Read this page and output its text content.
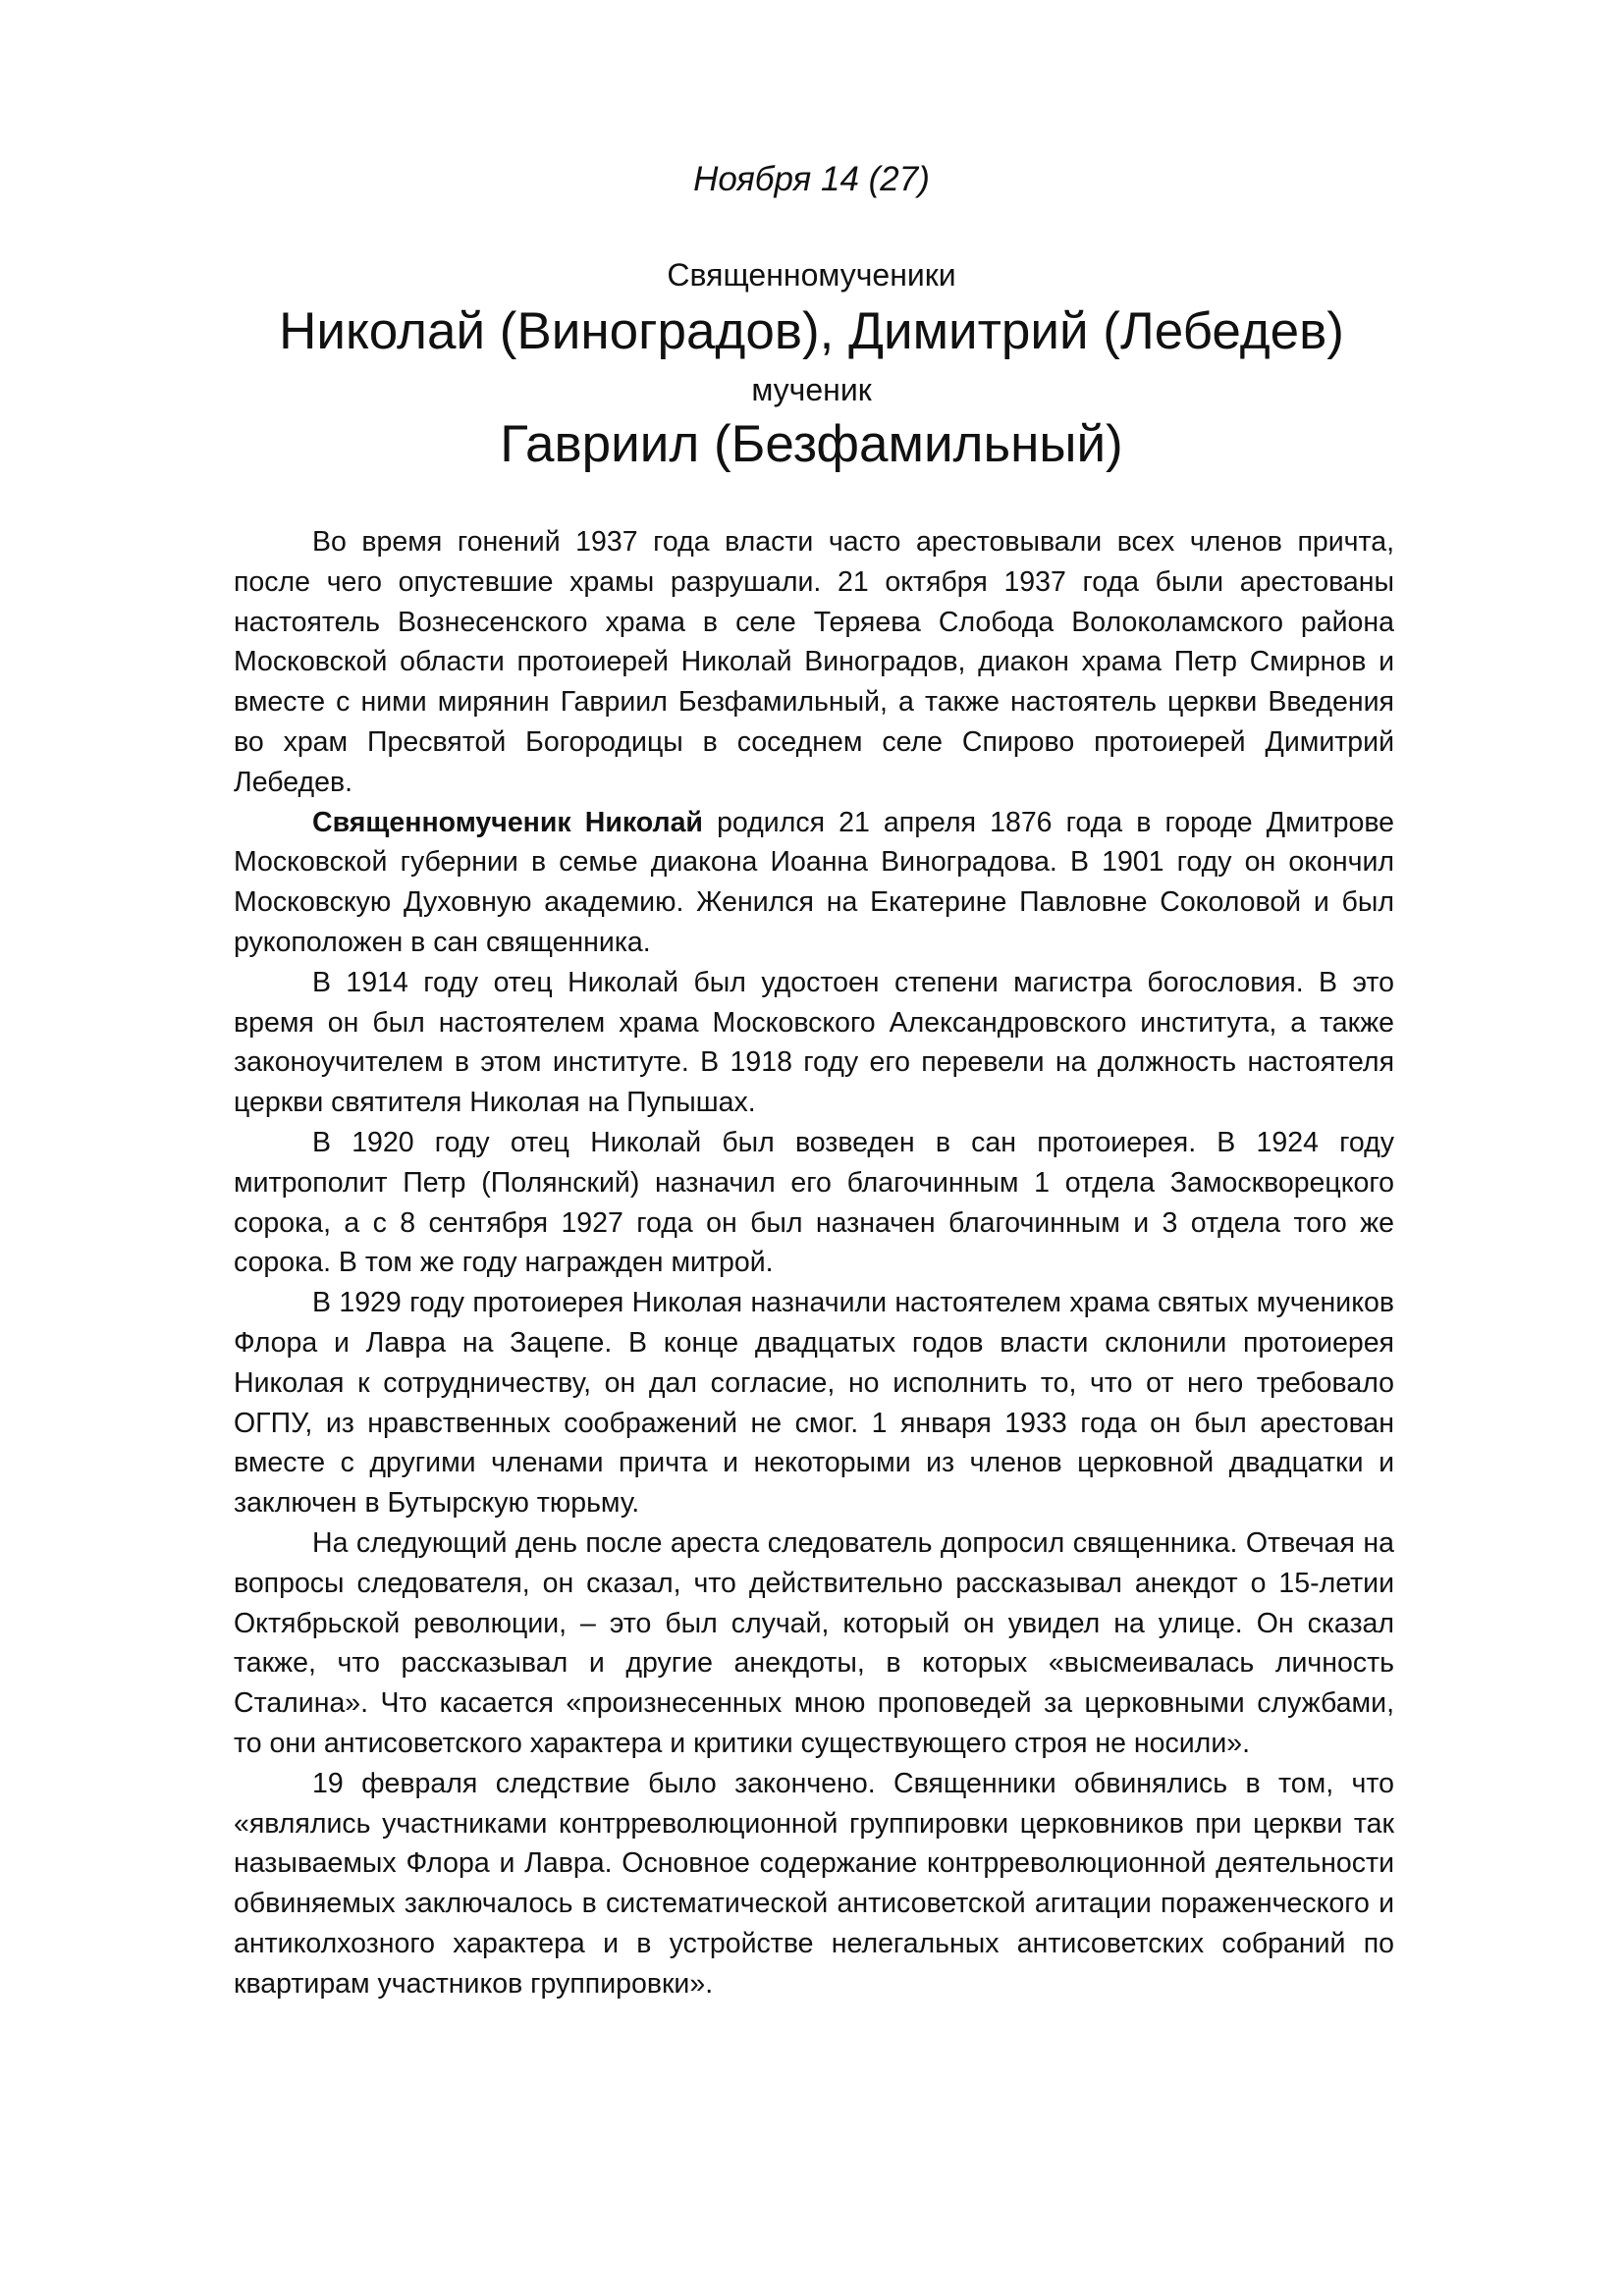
Ноября 14 (27)
Священномученики
Николай (Виноградов), Димитрий (Лебедев)
мученик
Гавриил (Безфамильный)

Во время гонений 1937 года власти часто арестовывали всех членов причта, после чего опустевшие храмы разрушали. 21 октября 1937 года были арестованы настоятель Вознесенского храма в селе Теряева Слобода Волоколамского района Московской области протоиерей Николай Виноградов, диакон храма Петр Смирнов и вместе с ними мирянин Гавриил Безфамильный, а также настоятель церкви Введения во храм Пресвятой Богородицы в соседнем селе Спирово протоиерей Димитрий Лебедев.

Священномученик Николай родился 21 апреля 1876 года в городе Дмитрове Московской губернии в семье диакона Иоанна Виноградова. В 1901 году он окончил Московскую Духовную академию. Женился на Екатерине Павловне Соколовой и был рукоположен в сан священника.

В 1914 году отец Николай был удостоен степени магистра богословия. В это время он был настоятелем храма Московского Александровского института, а также законоучителем в этом институте. В 1918 году его перевели на должность настоятеля церкви святителя Николая на Пупышах.

В 1920 году отец Николай был возведен в сан протоиерея. В 1924 году митрополит Петр (Полянский) назначил его благочинным 1 отдела Замоскворецкого сорока, а с 8 сентября 1927 года он был назначен благочинным и 3 отдела того же сорока. В том же году награжден митрой.

В 1929 году протоиерея Николая назначили настоятелем храма святых мучеников Флора и Лавра на Зацепе. В конце двадцатых годов власти склонили протоиерея Николая к сотрудничеству, он дал согласие, но исполнить то, что от него требовало ОГПУ, из нравственных соображений не смог. 1 января 1933 года он был арестован вместе с другими членами причта и некоторыми из членов церковной двадцатки и заключен в Бутырскую тюрьму.

На следующий день после ареста следователь допросил священника. Отвечая на вопросы следователя, он сказал, что действительно рассказывал анекдот о 15-летии Октябрьской революции, – это был случай, который он увидел на улице. Он сказал также, что рассказывал и другие анекдоты, в которых «высмеивалась личность Сталина». Что касается «произнесенных мною проповедей за церковными службами, то они антисоветского характера и критики существующего строя не носили».

19 февраля следствие было закончено. Священники обвинялись в том, что «являлись участниками контрреволюционной группировки церковников при церкви так называемых Флора и Лавра. Основное содержание контрреволюционной деятельности обвиняемых заключалось в систематической антисоветской агитации пораженческого и антиколхозного характера и в устройстве нелегальных антисоветских собраний по квартирам участников группировки».
